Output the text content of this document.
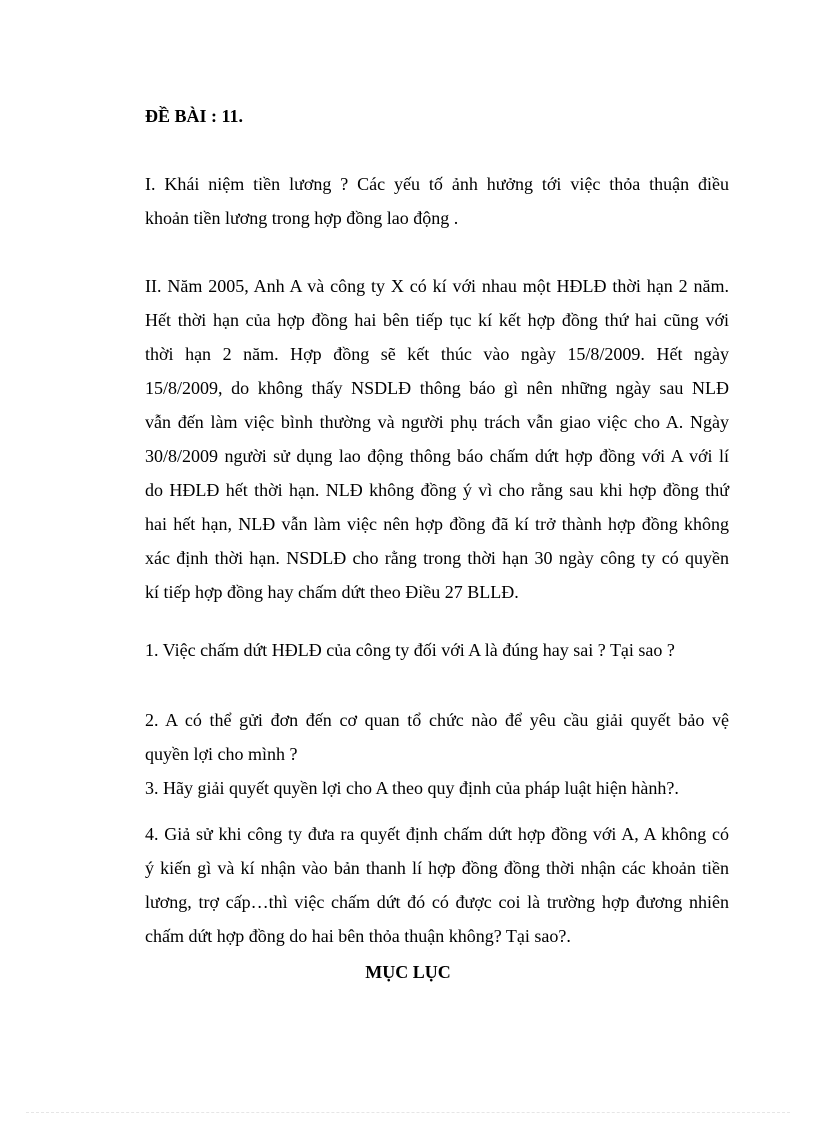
ĐỀ BÀI : 11.
I. Khái niệm tiền lương ? Các yếu tố ảnh hưởng tới việc thỏa thuận điều
khoản tiền lương trong hợp đồng lao động .
II. Năm 2005, Anh A và công ty X có kí với nhau một HĐLĐ thời hạn 2 năm.
Hết thời hạn của hợp đồng hai bên tiếp tục kí kết hợp đồng thứ hai cũng với
thời hạn 2 năm. Hợp đồng sẽ kết thúc vào ngày 15/8/2009. Hết ngày
15/8/2009, do không thấy NSDLĐ thông báo gì nên những ngày sau NLĐ
vẫn đến làm việc bình thường và người phụ trách vẫn giao việc cho A. Ngày
30/8/2009 người sử dụng lao động thông báo chấm dứt hợp đồng với A với lí
do HĐLĐ hết thời hạn. NLĐ không đồng ý vì cho rằng sau khi hợp đồng thứ
hai hết hạn, NLĐ vẫn làm việc nên hợp đồng đã kí trở thành hợp đồng không
xác định thời hạn. NSDLĐ cho rằng trong thời hạn 30 ngày công ty có quyền
kí tiếp hợp đồng hay chấm dứt theo Điều 27 BLLĐ.
1. Việc chấm dứt HĐLĐ của công ty đối với A là đúng hay sai ? Tại sao ?
2. A có thể gửi đơn đến cơ quan tổ chức nào để yêu cầu giải quyết bảo vệ
quyền lợi cho mình ?
3. Hãy giải quyết quyền lợi cho A theo quy định của pháp luật hiện hành?.
4. Giả sử khi công ty đưa ra quyết định chấm dứt hợp đồng với A, A không có
ý kiến gì và kí nhận vào bản thanh lí hợp đồng đồng thời nhận các khoản tiền
lương, trợ cấp…thì việc chấm dứt đó có được coi là trường hợp đương nhiên
chấm dứt hợp đồng do hai bên thỏa thuận không? Tại sao?.
MỤC LỤC
